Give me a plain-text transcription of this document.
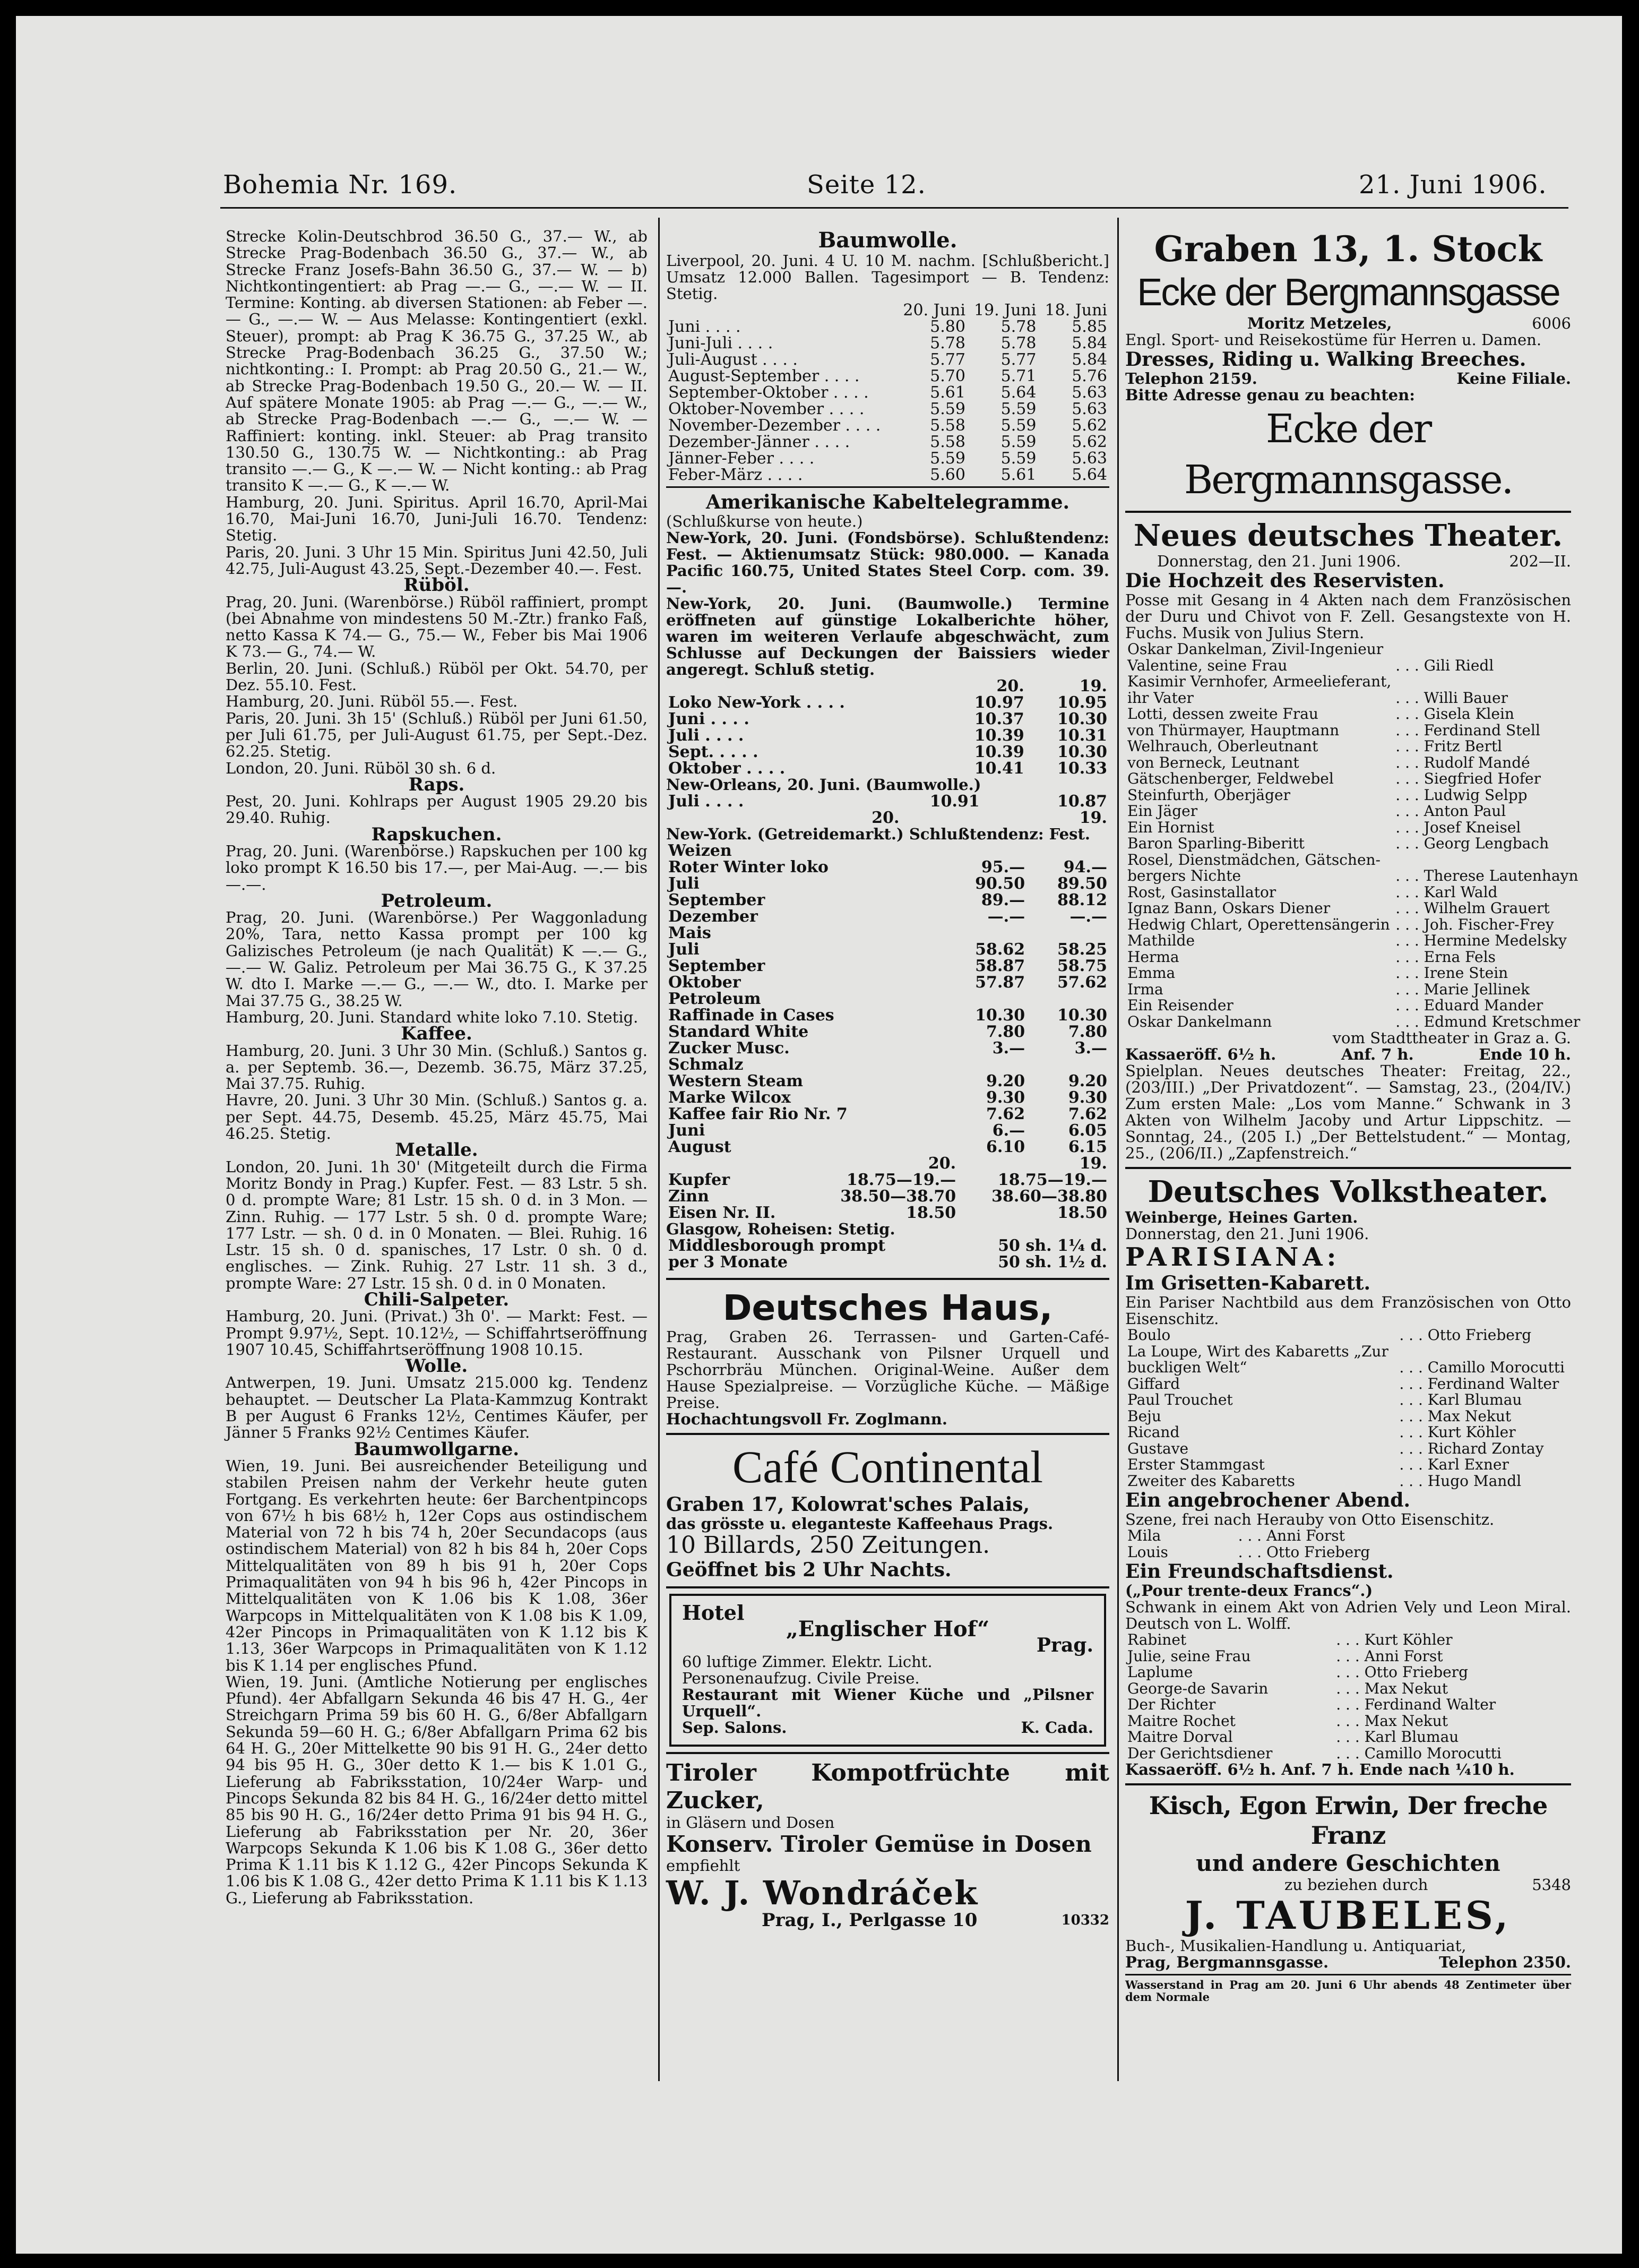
Bohemia Nr. 169.	Seite 12.	21. Juni 1906.

Strecke Kolin-Deutschbrod 36.50 G., 37.— W., ab Strecke Prag-Bodenbach 36.50 G., 37.— W., ab Strecke Franz Josefs-Bahn 36.50 G., 37.— W. — b) Nichtkontingentiert: ab Prag —.— G., —.— W. — II. Termine: Konting. ab diversen Stationen: ab Feber —.— G., —.— W. — Aus Melasse: Kontingentiert (exkl. Steuer), prompt: ab Prag K 36.75 G., 37.25 W., ab Strecke Prag-Bodenbach 36.25 G., 37.50 W.; nichtkonting.: I. Prompt: ab Prag 20.50 G., 21.— W., ab Strecke Prag-Bodenbach 19.50 G., 20.— W. — II. Auf spätere Monate 1905: ab Prag —.— G., —.— W., ab Strecke Prag-Bodenbach —.— G., —.— W. — Raffiniert: konting. inkl. Steuer: ab Prag transito 130.50 G., 130.75 W. — Nichtkonting.: ab Prag transito —.— G., K —.— W. — Nicht konting.: ab Prag transito K —.— G., K —.— W.

Hamburg, 20. Juni. Spiritus. April 16.70, April-Mai 16.70, Mai-Juni 16.70, Juni-Juli 16.70. Tendenz: Stetig.

Paris, 20. Juni. 3 Uhr 15 Min. Spiritus Juni 42.50, Juli 42.75, Juli-August 43.25, Sept.-Dezember 40.—. Fest.

Rüböl.

Prag, 20. Juni. (Warenbörse.) Rüböl raffiniert, prompt (bei Abnahme von mindestens 50 M.-Ztr.) franko Faß, netto Kassa K 74.— G., 75.— W., Feber bis Mai 1906 K 73.— G., 74.— W.

Berlin, 20. Juni. (Schluß.) Rüböl per Okt. 54.70, per Dez. 55.10. Fest.

Hamburg, 20. Juni. Rüböl 55.—. Fest.

Paris, 20. Juni. 3h 15' (Schluß.) Rüböl per Juni 61.50, per Juli 61.75, per Juli-August 61.75, per Sept.-Dez. 62.25. Stetig.

London, 20. Juni. Rüböl 30 sh. 6 d.

Raps.

Pest, 20. Juni. Kohlraps per August 1905 29.20 bis 29.40. Ruhig.

Rapskuchen.

Prag, 20. Juni. (Warenbörse.) Rapskuchen per 100 kg loko prompt K 16.50 bis 17.—, per Mai-Aug. —.— bis —.—.

Petroleum.

Prag, 20. Juni. (Warenbörse.) Per Waggonladung 20%, Tara, netto Kassa prompt per 100 kg Galizisches Petroleum (je nach Qualität) K —.— G., —.— W. Galiz. Petroleum per Mai 36.75 G., K 37.25 W. dto I. Marke —.— G., —.— W., dto. I. Marke per Mai 37.75 G., 38.25 W.

Hamburg, 20. Juni. Standard white loko 7.10. Stetig.

Kaffee.

Hamburg, 20. Juni. 3 Uhr 30 Min. (Schluß.) Santos g. a. per Septemb. 36.—, Dezemb. 36.75, März 37.25, Mai 37.75. Ruhig.

Havre, 20. Juni. 3 Uhr 30 Min. (Schluß.) Santos g. a. per Sept. 44.75, Desemb. 45.25, März 45.75, Mai 46.25. Stetig.

Metalle.

London, 20. Juni. 1h 30' (Mitgeteilt durch die Firma Moritz Bondy in Prag.) Kupfer. Fest. — 83 Lstr. 5 sh. 0 d. prompte Ware; 81 Lstr. 15 sh. 0 d. in 3 Mon. — Zinn. Ruhig. — 177 Lstr. 5 sh. 0 d. prompte Ware; 177 Lstr. — sh. 0 d. in 0 Monaten. — Blei. Ruhig. 16 Lstr. 15 sh. 0 d. spanisches, 17 Lstr. 0 sh. 0 d. englisches. — Zink. Ruhig. 27 Lstr. 11 sh. 3 d., prompte Ware: 27 Lstr. 15 sh. 0 d. in 0 Monaten.

Chili-Salpeter.

Hamburg, 20. Juni. (Privat.) 3h 0'. — Markt: Fest. — Prompt 9.97½, Sept. 10.12½, — Schiffahrtseröffnung 1907 10.45, Schiffahrtseröffnung 1908 10.15.

Wolle.

Antwerpen, 19. Juni. Umsatz 215.000 kg. Tendenz behauptet. — Deutscher La Plata-Kammzug Kontrakt B per August 6 Franks 12½, Centimes Käufer, per Jänner 5 Franks 92½ Centimes Käufer.

Baumwollgarne.

Wien, 19. Juni. Bei ausreichender Beteiligung und stabilen Preisen nahm der Verkehr heute guten Fortgang. Es verkehrten heute: 6er Barchentpincops von 67½ h bis 68½ h, 12er Cops aus ostindischem Material von 72 h bis 74 h, 20er Secundacops (aus ostindischem Material) von 82 h bis 84 h, 20er Cops Mittelqualitäten von 89 h bis 91 h, 20er Cops Primaqualitäten von 94 h bis 96 h, 42er Pincops in Mittelqualitäten von K 1.06 bis K 1.08, 36er Warpcops in Mittelqualitäten von K 1.08 bis K 1.09, 42er Pincops in Primaqualitäten von K 1.12 bis K 1.13, 36er Warpcops in Primaqualitäten von K 1.12 bis K 1.14 per englisches Pfund.

Wien, 19. Juni. (Amtliche Notierung per englisches Pfund). 4er Abfallgarn Sekunda 46 bis 47 H. G., 4er Streichgarn Prima 59 bis 60 H. G., 6/8er Abfallgarn Sekunda 59—60 H. G.; 6/8er Abfallgarn Prima 62 bis 64 H. G., 20er Mittelkette 90 bis 91 H. G., 24er detto 94 bis 95 H. G., 30er detto K 1.— bis K 1.01 G., Lieferung ab Fabriksstation, 10/24er Warp- und Pincops Sekunda 82 bis 84 H. G., 16/24er detto mittel 85 bis 90 H. G., 16/24er detto Prima 91 bis 94 H. G., Lieferung ab Fabriksstation per Nr. 20, 36er Warpcops Sekunda K 1.06 bis K 1.08 G., 36er detto Prima K 1.11 bis K 1.12 G., 42er Pincops Sekunda K 1.06 bis K 1.08 G., 42er detto Prima K 1.11 bis K 1.13 G., Lieferung ab Fabriksstation.

Baumwolle.

Liverpool, 20. Juni. 4 U. 10 M. nachm. [Schlußbericht.] Umsatz 12.000 Ballen. Tagesimport — B. Tendenz: Stetig.

	20. Juni	19. Juni	18. Juni
Juni . . . .	5.80	5.78	5.85
Juni-Juli . . . .	5.78	5.78	5.84
Juli-August . . . .	5.77	5.77	5.84
August-September . . . .	5.70	5.71	5.76
September-Oktober . . . .	5.61	5.64	5.63
Oktober-November . . . .	5.59	5.59	5.63
November-Dezember . . . .	5.58	5.59	5.62
Dezember-Jänner . . . .	5.58	5.59	5.62
Jänner-Feber . . . .	5.59	5.59	5.63
Feber-März . . . .	5.60	5.61	5.64

Amerikanische Kabeltelegramme.

(Schlußkurse von heute.)

New-York, 20. Juni. (Fondsbörse). Schlußtendenz: Fest. — Aktienumsatz Stück: 980.000. — Kanada Pacific 160.75, United States Steel Corp. com. 39.—.

New-York, 20. Juni. (Baumwolle.) Termine eröffneten auf günstige Lokalberichte höher, waren im weiteren Verlaufe abgeschwächt, zum Schlusse auf Deckungen der Baissiers wieder angeregt. Schluß stetig.

	20.	19.
Loko New-York . . . .	10.97	10.95
Juni . . . .	10.37	10.30
Juli . . . .	10.39	10.31
Sept. . . . .	10.39	10.30
Oktober . . . .	10.41	10.33

New-Orleans, 20. Juni. (Baumwolle.)

Juli . . . .	10.91	10.87
	20.	19.

New-York. (Getreidemarkt.) Schlußtendenz: Fest.

Weizen		
Roter Winter loko	95.—	94.—
Juli	90.50	89.50
September	89.—	88.12
Dezember	—.—	—.—
Mais		
Juli	58.62	58.25
September	58.87	58.75
Oktober	57.87	57.62
Petroleum		
Raffinade in Cases	10.30	10.30
Standard White	7.80	7.80
Zucker Musc.	3.—	3.—
Schmalz		
Western Steam	9.20	9.20
Marke Wilcox	9.30	9.30
Kaffee fair Rio Nr. 7	7.62	7.62
Juni	6.—	6.05
August	6.10	6.15
	20.	19.
Kupfer	18.75—19.—	18.75—19.—
Zinn	38.50—38.70	38.60—38.80
Eisen Nr. II.	18.50	18.50

Glasgow, Roheisen: Stetig.

Middlesborough prompt	50 sh. 1¼ d.
per 3 Monate	50 sh. 1½ d.
Deutsches Haus,

Prag, Graben 26. Terrassen- und Garten-Café-Restaurant. Ausschank von Pilsner Urquell und Pschorrbräu München. Original-Weine. Außer dem Hause Spezialpreise. — Vorzügliche Küche. — Mäßige Preise.

Hochachtungsvoll Fr. Zoglmann.

Café Continental

Graben 17, Kolowrat'sches Palais,

das grösste u. eleganteste Kaffeehaus Prags.

10 Billards, 250 Zeitungen.

Geöffnet bis 2 Uhr Nachts.

Hotel
„Englischer Hof“
Prag.

60 luftige Zimmer. Elektr. Licht.

Personenaufzug. Civile Preise.

Restaurant mit Wiener Küche und „Pilsner Urquell“.

Sep. Salons.	K. Cada.

Tiroler Kompotfrüchte mit Zucker,

in Gläsern und Dosen

Konserv. Tiroler Gemüse in Dosen

empfiehlt

W. J. Wondráček

Prag, I., Perlgasse 10	10332
Graben 13, 1. Stock
Ecke der Bergmannsgasse
Moritz Metzeles,	6006

Engl. Sport- und Reisekostüme für Herren u. Damen.

Dresses, Riding u. Walking Breeches.

Telephon 2159.	Keine Filiale.

Bitte Adresse genau zu beachten:

Ecke der Bergmannsgasse.
Neues deutsches Theater.
Donnerstag, den 21. Juni 1906.	202—II.

Die Hochzeit des Reservisten.

Posse mit Gesang in 4 Akten nach dem Französischen der Duru und Chivot von F. Zell. Gesangstexte von H. Fuchs. Musik von Julius Stern.

Oskar Dankelman, Zivil-Ingenieur	
Valentine, seine Frau	. . . Gili Riedl
Kasimir Vernhofer, Armeelieferant,	
ihr Vater	. . . Willi Bauer
Lotti, dessen zweite Frau	. . . Gisela Klein
von Thürmayer, Hauptmann	. . . Ferdinand Stell
Welhrauch, Oberleutnant	. . . Fritz Bertl
von Berneck, Leutnant	. . . Rudolf Mandé
Gätschenberger, Feldwebel	. . . Siegfried Hofer
Steinfurth, Oberjäger	. . . Ludwig Selpp
Ein Jäger	. . . Anton Paul
Ein Hornist	. . . Josef Kneisel
Baron Sparling-Biberitt	. . . Georg Lengbach
Rosel, Dienstmädchen, Gätschen-	
bergers Nichte	. . . Therese Lautenhayn
Rost, Gasinstallator	. . . Karl Wald
Ignaz Bann, Oskars Diener	. . . Wilhelm Grauert
Hedwig Chlart, Operettensängerin	. . . Joh. Fischer-Frey
Mathilde	. . . Hermine Medelsky
Herma	. . . Erna Fels
Emma	. . . Irene Stein
Irma	. . . Marie Jellinek
Ein Reisender	. . . Eduard Mander
Oskar Dankelmann	. . . Edmund Kretschmer

vom Stadttheater in Graz a. G.

Kassaeröff. 6½ h.	Anf. 7 h.	Ende 10 h.

Spielplan. Neues deutsches Theater: Freitag, 22., (203/III.) „Der Privatdozent“. — Samstag, 23., (204/IV.) Zum ersten Male: „Los vom Manne.“ Schwank in 3 Akten von Wilhelm Jacoby und Artur Lippschitz. — Sonntag, 24., (205 I.) „Der Bettelstudent.“ — Montag, 25., (206/II.) „Zapfenstreich.“

Deutsches Volkstheater.

Weinberge, Heines Garten.

Donnerstag, den 21. Juni 1906.

PARISIANA:

Im Grisetten-Kabarett.

Ein Pariser Nachtbild aus dem Französischen von Otto Eisenschitz.

Boulo	. . . Otto Frieberg
La Loupe, Wirt des Kabaretts „Zur	
buckligen Welt“	. . . Camillo Morocutti
Giffard	. . . Ferdinand Walter
Paul Trouchet	. . . Karl Blumau
Beju	. . . Max Nekut
Ricand	. . . Kurt Köhler
Gustave	. . . Richard Zontay
Erster Stammgast	. . . Karl Exner
Zweiter des Kabaretts	. . . Hugo Mandl

Ein angebrochener Abend.

Szene, frei nach Herauby von Otto Eisenschitz.

Mila	. . . Anni Forst
Louis	. . . Otto Frieberg

Ein Freundschaftsdienst.

(„Pour trente-deux Francs“.)

Schwank in einem Akt von Adrien Vely und Leon Miral. Deutsch von L. Wolff.

Rabinet	. . . Kurt Köhler
Julie, seine Frau	. . . Anni Forst
Laplume	. . . Otto Frieberg
George-de Savarin	. . . Max Nekut
Der Richter	. . . Ferdinand Walter
Maitre Rochet	. . . Max Nekut
Maitre Dorval	. . . Karl Blumau
Der Gerichtsdiener	. . . Camillo Morocutti

Kassaeröff. 6½ h. Anf. 7 h. Ende nach ¼10 h.

Kisch, Egon Erwin, Der freche Franz
und andere Geschichten
zu beziehen durch	5348
J. TAUBELES,

Buch-, Musikalien-Handlung u. Antiquariat,

Prag, Bergmannsgasse.	Telephon 2350.

Wasserstand in Prag am 20. Juni 6 Uhr abends 48 Zentimeter über dem Normale
